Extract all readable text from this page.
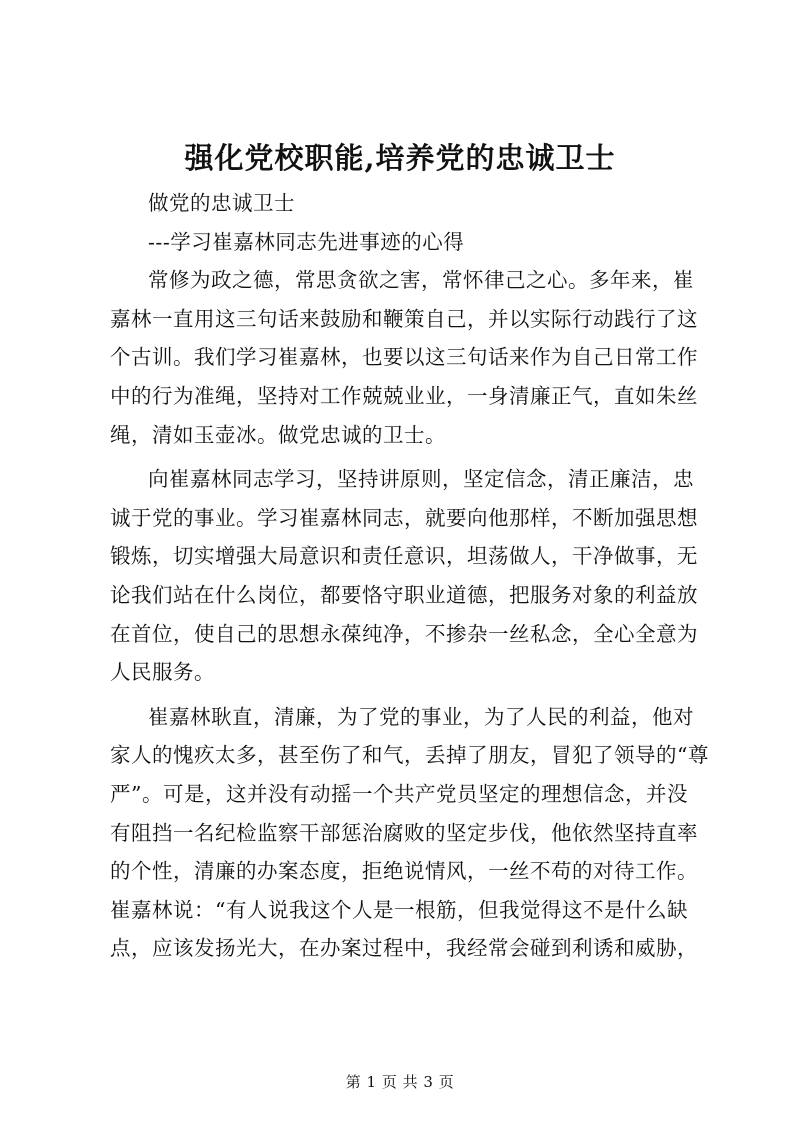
强化党校职能,培养党的忠诚卫士
做党的忠诚卫士
---学习崔嘉林同志先进事迹的心得
常修为政之德，常思贪欲之害，常怀律己之心。多年来，崔
嘉林一直用这三句话来鼓励和鞭策自己，并以实际行动践行了这
个古训。我们学习崔嘉林，也要以这三句话来作为自己日常工作
中的行为准绳，坚持对工作兢兢业业，一身清廉正气，直如朱丝
绳，清如玉壶冰。做党忠诚的卫士。
向崔嘉林同志学习，坚持讲原则，坚定信念，清正廉洁，忠
诚于党的事业。学习崔嘉林同志，就要向他那样，不断加强思想
锻炼，切实增强大局意识和责任意识，坦荡做人，干净做事，无
论我们站在什么岗位，都要恪守职业道德，把服务对象的利益放
在首位，使自己的思想永葆纯净，不掺杂一丝私念，全心全意为
人民服务。
崔嘉林耿直，清廉，为了党的事业，为了人民的利益，他对
家人的愧疚太多，甚至伤了和气，丢掉了朋友，冒犯了领导的“尊
严”。可是，这并没有动摇一个共产党员坚定的理想信念，并没
有阻挡一名纪检监察干部惩治腐败的坚定步伐，他依然坚持直率
的个性，清廉的办案态度，拒绝说情风，一丝不苟的对待工作。
崔嘉林说：“有人说我这个人是一根筋，但我觉得这不是什么缺
点，应该发扬光大，在办案过程中，我经常会碰到利诱和威胁，
第 1 页 共 3 页
